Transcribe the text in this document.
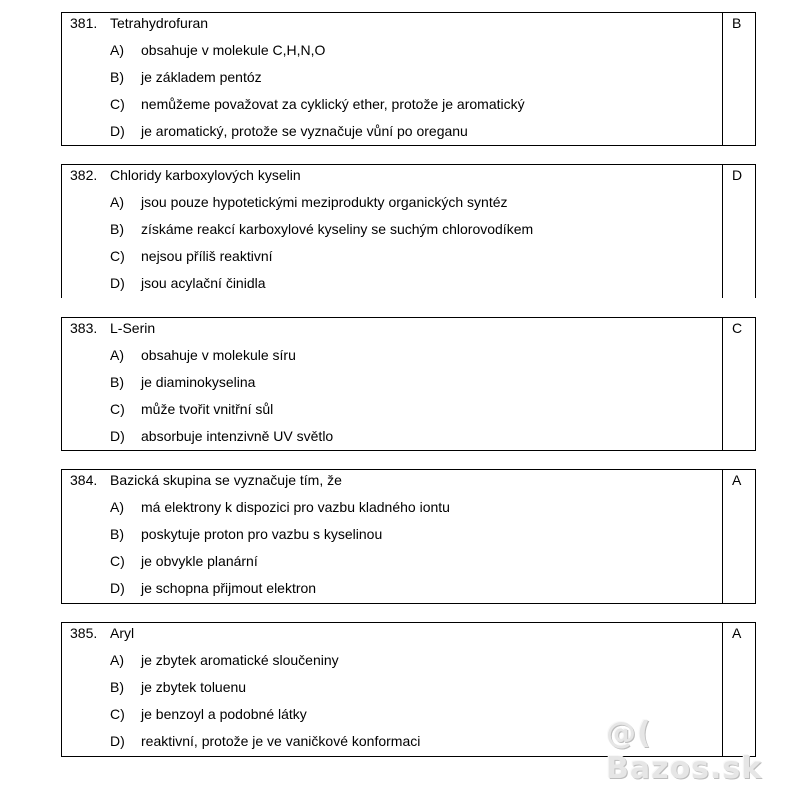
381. Tetrahydrofuran	B
A) obsahuje v molekule C,H,N,O
B) je základem pentóz
C) nemůžeme považovat za cyklický ether, protože je aromatický
D) je aromatický, protože se vyznačuje vůní po oreganu
382. Chloridy karboxylových kyselin	D
A) jsou pouze hypotetickými meziprodukty organických syntéz
B) získáme reakcí karboxylové kyseliny se suchým chlorovodíkem
C) nejsou příliš reaktivní
D) jsou acylační činidla
383. L-Serin	C
A) obsahuje v molekule síru
B) je diaminokyselina
C) může tvořit vnitřní sůl
D) absorbuje intenzivně UV světlo
384. Bazická skupina se vyznačuje tím, že	A
A) má elektrony k dispozici pro vazbu kladného iontu
B) poskytuje proton pro vazbu s kyselinou
C) je obvykle planární
D) je schopna přijmout elektron
385. Aryl	A
A) je zbytek aromatické sloučeniny
B) je zbytek toluenu
C) je benzoyl a podobné látky
D) reaktivní, protože je ve vaničkové konformaci	@( Bazos.sk
